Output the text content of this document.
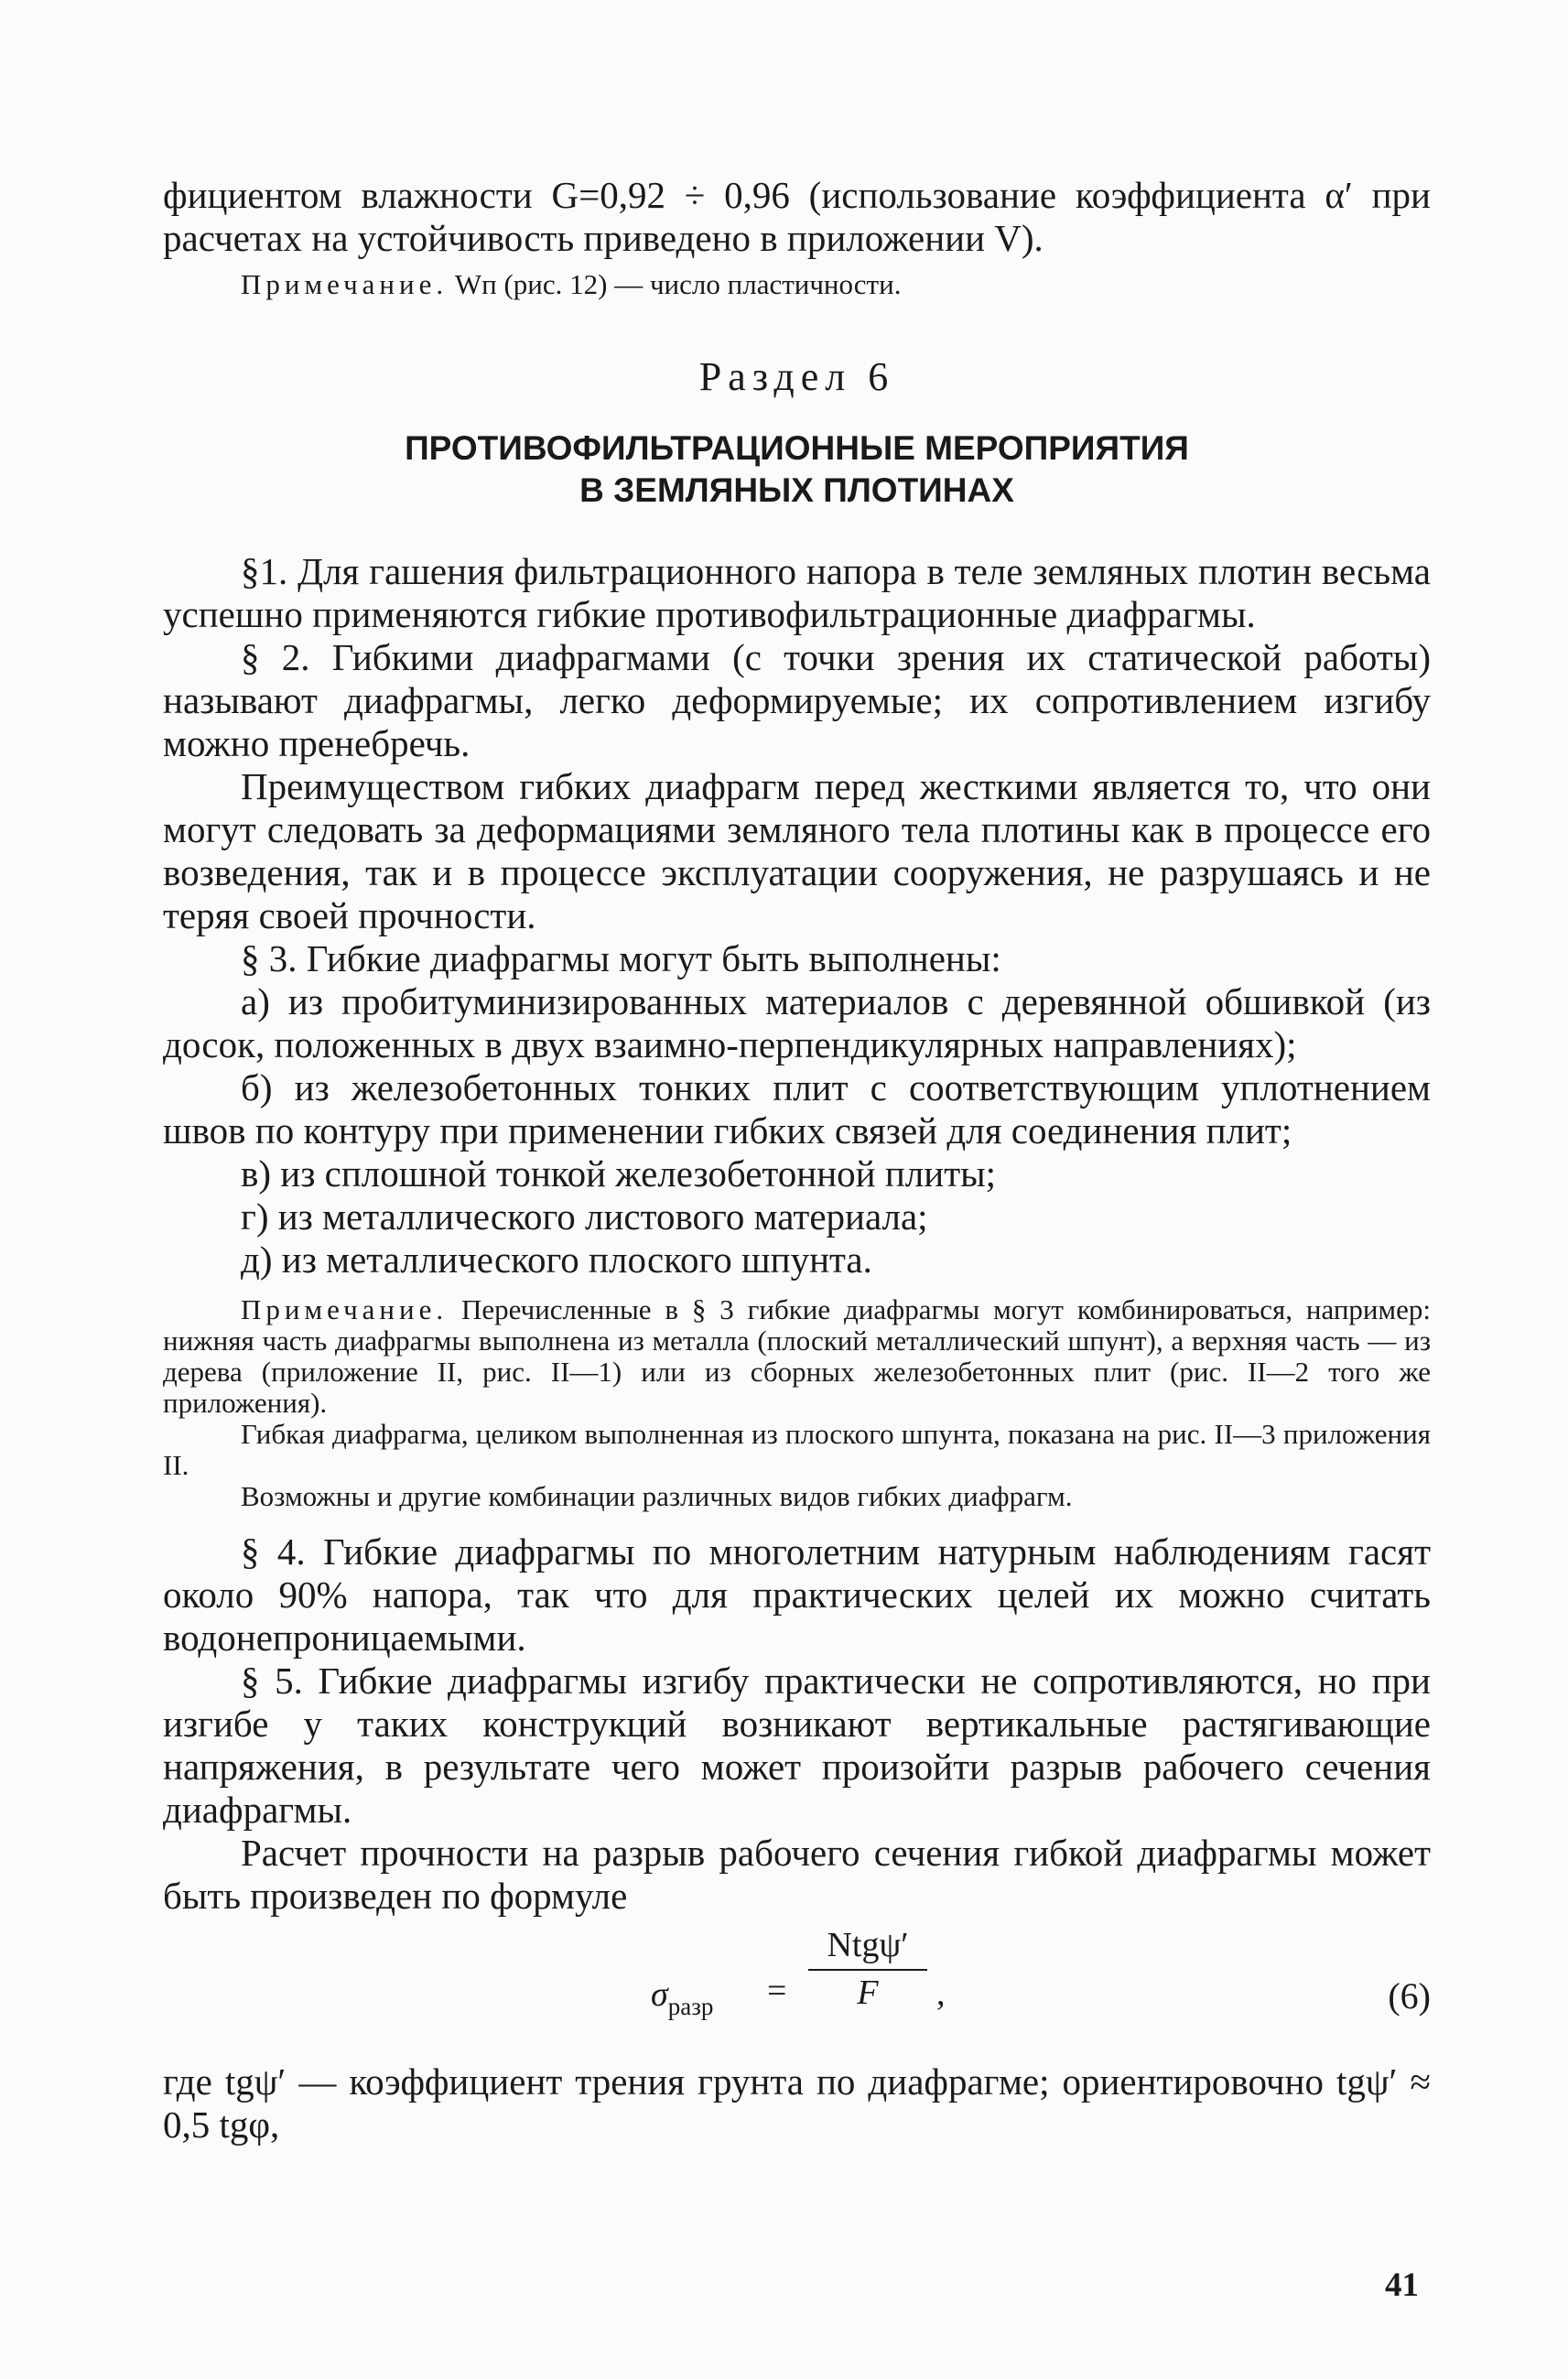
фициентом влажности G=0,92 ÷ 0,96 (использование коэффициента α′ при расчетах на устойчивость приведено в приложении V).

Примечание. Wп (рис. 12) — число пластичности.

Раздел 6
ПРОТИВОФИЛЬТРАЦИОННЫЕ МЕРОПРИЯТИЯ
В ЗЕМЛЯНЫХ ПЛОТИНАХ

§1. Для гашения фильтрационного напора в теле земляных плотин весьма успешно применяются гибкие противофильтрационные диафрагмы.

§ 2. Гибкими диафрагмами (с точки зрения их статической работы) называют диафрагмы, легко деформируемые; их сопротивлением изгибу можно пренебречь.

Преимуществом гибких диафрагм перед жесткими является то, что они могут следовать за деформациями земляного тела плотины как в процессе его возведения, так и в процессе эксплуатации сооружения, не разрушаясь и не теряя своей прочности.

§ 3. Гибкие диафрагмы могут быть выполнены:

а) из пробитуминизированных материалов с деревянной обшивкой (из досок, положенных в двух взаимно-перпендикулярных направлениях);

б) из железобетонных тонких плит с соответствующим уплотнением швов по контуру при применении гибких связей для соединения плит;

в) из сплошной тонкой железобетонной плиты;

г) из металлического листового материала;

д) из металлического плоского шпунта.

Примечание. Перечисленные в § 3 гибкие диафрагмы могут комбинироваться, например: нижняя часть диафрагмы выполнена из металла (плоский металлический шпунт), а верхняя часть — из дерева (приложение II, рис. II—1) или из сборных железобетонных плит (рис. II—2 того же приложения).

Гибкая диафрагма, целиком выполненная из плоского шпунта, показана на рис. II—3 приложения II.

Возможны и другие комбинации различных видов гибких диафрагм.

§ 4. Гибкие диафрагмы по многолетним натурным наблюдениям гасят около 90% напора, так что для практических целей их можно считать водонепроницаемыми.

§ 5. Гибкие диафрагмы изгибу практически не сопротивляются, но при изгибе у таких конструкций возникают вертикальные растягивающие напряжения, в результате чего может произойти разрыв рабочего сечения диафрагмы.

Расчет прочности на разрыв рабочего сечения гибкой диафрагмы может быть произведен по формуле

$\sigma_{разр}$ =
Ntgψ′
F	,	(6)

где tgψ′ — коэффициент трения грунта по диафрагме; ориентировочно tgψ′ ≈ 0,5 tgφ,

41
